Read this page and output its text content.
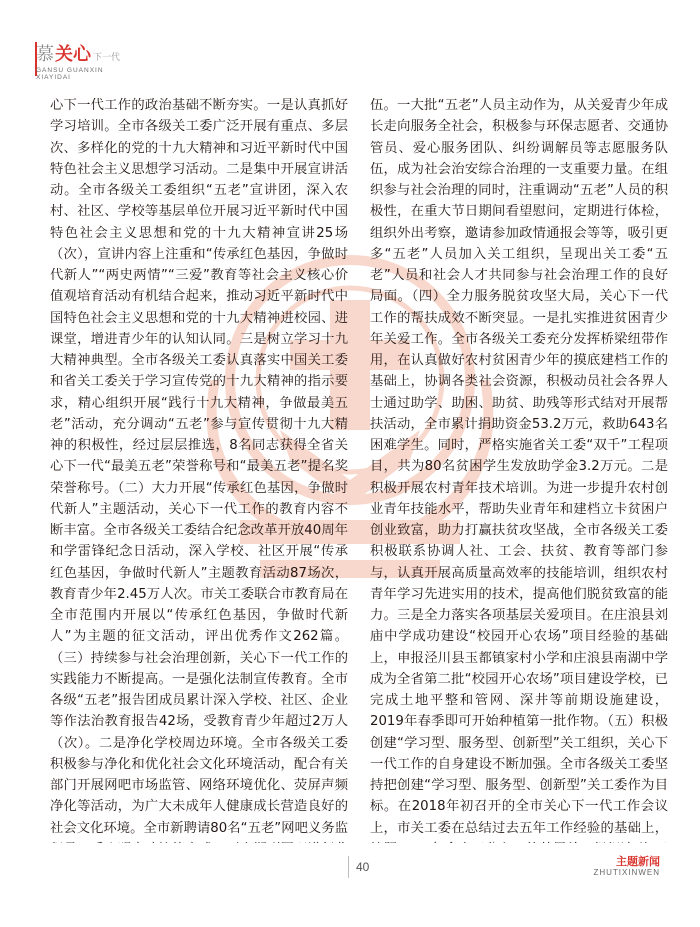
慕 关心 下一代
GANSU GUANXIN
XIAYIDAI

心下一代工作的政治基础不断夯实。一是认真抓好学习培训。全市各级关工委广泛开展有重点、多层次、多样化的党的十九大精神和习近平新时代中国特色社会主义思想学习活动。二是集中开展宣讲活动。全市各级关工委组织“五老”宣讲团，深入农村、社区、学校等基层单位开展习近平新时代中国特色社会主义思想和党的十九大精神宣讲25场（次），宣讲内容上注重和“传承红色基因，争做时代新人”“两史两情”“三爱”教育等社会主义核心价值观培育活动有机结合起来，推动习近平新时代中国特色社会主义思想和党的十九大精神进校园、进课堂，增进青少年的认知认同。三是树立学习十九大精神典型。全市各级关工委认真落实中国关工委和省关工委关于学习宣传党的十九大精神的指示要求，精心组织开展“践行十九大精神，争做最美五老”活动，充分调动“五老”参与宣传贯彻十九大精神的积极性，经过层层推选，8名同志获得全省关心下一代“最美五老”荣誉称号和“最美五老”提名奖荣誉称号。（二）大力开展“传承红色基因，争做时代新人”主题活动，关心下一代工作的教育内容不断丰富。全市各级关工委结合纪念改革开放40周年和学雷锋纪念日活动，深入学校、社区开展“传承红色基因，争做时代新人”主题教育活动87场次，教育青少年2.45万人次。市关工委联合市教育局在全市范围内开展以“传承红色基因，争做时代新人”为主题的征文活动，评出优秀作文262篇。（三）持续参与社会治理创新，关心下一代工作的实践能力不断提高。一是强化法制宣传教育。全市各级“五老”报告团成员累计深入学校、社区、企业等作法治教育报告42场，受教育青少年超过2万人（次）。二是净化学校周边环境。全市各级关工委积极参与净化和优化社会文化环境活动，配合有关部门开展网吧市场监管、网络环境优化、荧屏声频净化等活动，为广大未成年人健康成长营造良好的社会文化环境。全市新聘请80名“五老”网吧义务监

伍。一大批“五老”人员主动作为，从关爱青少年成长走向服务全社会，积极参与环保志愿者、交通协管员、爱心服务团队、纠纷调解员等志愿服务队伍，成为社会治安综合治理的一支重要力量。在组织参与社会治理的同时，注重调动“五老”人员的积极性，在重大节日期间看望慰问，定期进行体检，组织外出考察，邀请参加政情通报会等等，吸引更多“五老”人员加入关工组织，呈现出关工委“五老”人员和社会人才共同参与社会治理工作的良好局面。（四）全力服务脱贫攻坚大局，关心下一代工作的帮扶成效不断突显。一是扎实推进贫困青少年关爱工作。全市各级关工委充分发挥桥梁纽带作用，在认真做好农村贫困青少年的摸底建档工作的基础上，协调各类社会资源，积极动员社会各界人士通过助学、助困、助贫、助残等形式结对开展帮扶活动，全市累计捐助资金53.2万元，救助643名困难学生。同时，严格实施省关工委“双千”工程项目，共为80名贫困学生发放助学金3.2万元。二是积极开展农村青年技术培训。为进一步提升农村创业青年技能水平，帮助失业青年和建档立卡贫困户创业致富，助力打赢扶贫攻坚战，全市各级关工委积极联系协调人社、工会、扶贫、教育等部门参与，认真开展高质量高效率的技能培训，组织农村青年学习先进实用的技术，提高他们脱贫致富的能力。三是全力落实各项基层关爱项目。在庄浪县刘庙中学成功建设“校园开心农场”项目经验的基础上，申报泾川县玉都镇家村小学和庄浪县南湖中学成为全省第二批“校园开心农场”项目建设学校，已完成土地平整和管网、深井等前期设施建设，2019年春季即可开始种植第一批作物。（五）积极创建“学习型、服务型、创新型”关工组织，关心下一代工作的自身建设不断加强。全市各级关工委坚持把创建“学习型、服务型、创新型”关工委作为目标。在2018年初召开的全市关心下一代工作会议上，市关工委在总结过去五年工作经验的基础上，

40	主题新闻
ZHUTIXINWEN
